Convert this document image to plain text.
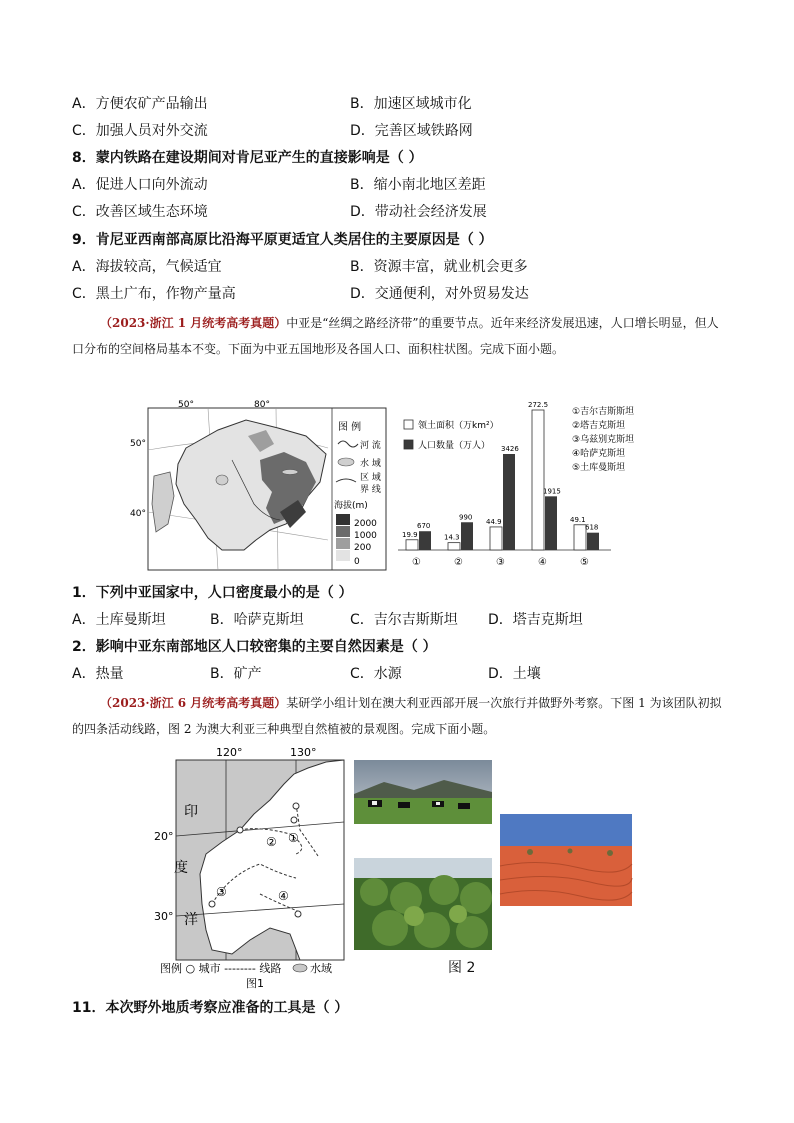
A．方便农矿产品输出	B．加速区域城市化
C．加强人员对外交流	D．完善区域铁路网
8．蒙内铁路在建设期间对肯尼亚产生的直接影响是（ ）
A．促进人口向外流动	B．缩小南北地区差距
C．改善区域生态环境	D．带动社会经济发展
9．肯尼亚西南部高原比沿海平原更适宜人类居住的主要原因是（ ）
A．海拔较高，气候适宜	B．资源丰富，就业机会更多
C．黑土广布，作物产量高	D．交通便利，对外贸易发达
（2023·浙江 1 月统考高考真题）中亚是“丝绸之路经济带”的重要节点。近年来经济发展迅速，人口增长明显，但人口分布的空间格局基本不变。下面为中亚五国地形及各国人口、面积柱状图。完成下面小题。
50°	80°
50°
40°
图 例
河 流
水 域
区 域
界 线
海拔(m)
2000
1000
200
0
领土面积（万km²）
人口数量（万人）
①吉尔吉斯斯坦
②塔吉克斯坦
③乌兹别克斯坦
④哈萨克斯坦
⑤土库曼斯坦
19.9
670
①
14.3
990
②
44.9
3426
③
272.5
1915
④
49.1
618
⑤
1．下列中亚国家中，人口密度最小的是（ ）
A．土库曼斯坦	B．哈萨克斯坦	C．吉尔吉斯斯坦 D．塔吉克斯坦
2．影响中亚东南部地区人口较密集的主要自然因素是（ ）
A．热量	B．矿产	C．水源	D．土壤
（2023·浙江 6 月统考高考真题）某研学小组计划在澳大利亚西部开展一次旅行并做野外考察。下图 1 为该团队初拟的四条活动线路，图 2 为澳大利亚三种典型自然植被的景观图。完成下面小题。
120°	130°
20°
30°
印
度
洋
①
②
③	④
图例 ○ 城市 -------- 线路	水域
图1
图 2
11．本次野外地质考察应准备的工具是（ ）
